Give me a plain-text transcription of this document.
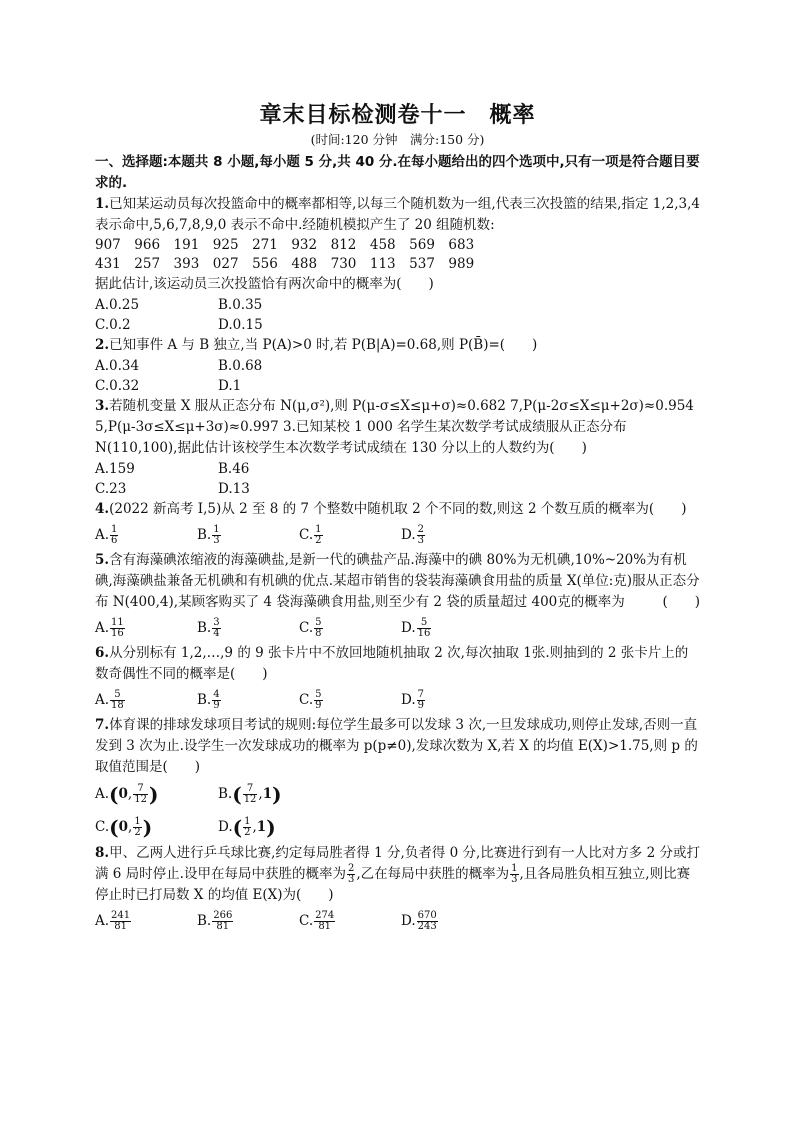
章末目标检测卷十一　概率
(时间:120 分钟　满分:150 分)
一、选择题:本题共 8 小题,每小题 5 分,共 40 分.在每小题给出的四个选项中,只有一项是符合题目要求的.
1.已知某运动员每次投篮命中的概率都相等,以每三个随机数为一组,代表三次投篮的结果,指定 1,2,3,4 表示命中,5,6,7,8,9,0 表示不命中.经随机模拟产生了 20 组随机数:
907　966　191　925　271　932　812　458　569　683
431　257　393　027　556　488　730　113　537　989
据此估计,该运动员三次投篮恰有两次命中的概率为(　　)
A.0.25	B.0.35
C.0.2	D.0.15
2.已知事件 A 与 B 独立,当 P(A)>0 时,若 P(B|A)=0.68,则 P(B̄)=(　　)
A.0.34	B.0.68
C.0.32	D.1
3.若随机变量 X 服从正态分布 N(μ,σ²),则 P(μ-σ≤X≤μ+σ)≈0.682 7,P(μ-2σ≤X≤μ+2σ)≈0.954 5,P(μ-3σ≤X≤μ+3σ)≈0.997 3.已知某校 1 000 名学生某次数学考试成绩服从正态分布 N(110,100),据此估计该校学生本次数学考试成绩在 130 分以上的人数约为(　　)
A.159	B.46
C.23	D.13
4.(2022 新高考 Ⅰ,5)从 2 至 8 的 7 个整数中随机取 2 个不同的数,则这 2 个数互质的概率为(　　)
A. $\frac{1}{6}$	B. $\frac{1}{3}$	C. $\frac{1}{2}$	D. $\frac{2}{3}$
5.含有海藻碘浓缩液的海藻碘盐,是新一代的碘盐产品.海藻中的碘 80%为无机碘,10%~20%为有机碘,海藻碘盐兼备无机碘和有机碘的优点.某超市销售的袋装海藻碘食用盐的质量 X(单位:克)服从正态分布 N(400,4),某顾客购买了 4 袋海藻碘食用盐,则至少有 2 袋的质量超过 400克的概率为	(　　)
A. $\frac{11}{16}$	B. $\frac{3}{4}$	C. $\frac{5}{8}$	D. $\frac{5}{16}$
6.从分别标有 1,2,…,9 的 9 张卡片中不放回地随机抽取 2 次,每次抽取 1张.则抽到的 2 张卡片上的数奇偶性不同的概率是(　　)
A. $\frac{5}{18}$	B. $\frac{4}{9}$	C. $\frac{5}{9}$	D. $\frac{7}{9}$
7.体育课的排球发球项目考试的规则:每位学生最多可以发球 3 次,一旦发球成功,则停止发球,否则一直发到 3 次为止.设学生一次发球成功的概率为 p(p≠0),发球次数为 X,若 X 的均值 E(X)>1.75,则 p 的取值范围是(　　)
A.(0, $\frac{7}{12}$ )	$B.( \frac{7}{12} ,1)$
C.(0, $\frac{1}{2}$ )	$D.( \frac{1}{2} ,1)$
8.甲、乙两人进行乒乓球比赛,约定每局胜者得 1 分,负者得 0 分,比赛进行到有一人比对方多 2 分或打满 6 局时停止.设甲在每局中获胜的概率为 $\frac{2}{3}$ ,乙在每局中获胜的概率为 $\frac{1}{3}$ ,且各局胜负相互独立,则比赛停止时已打局数 X 的均值 E(X)为(　　)
A. $\frac{241}{81}$	B. $\frac{266}{81}$	C. $\frac{274}{81}$	D. $\frac{670}{243}$
